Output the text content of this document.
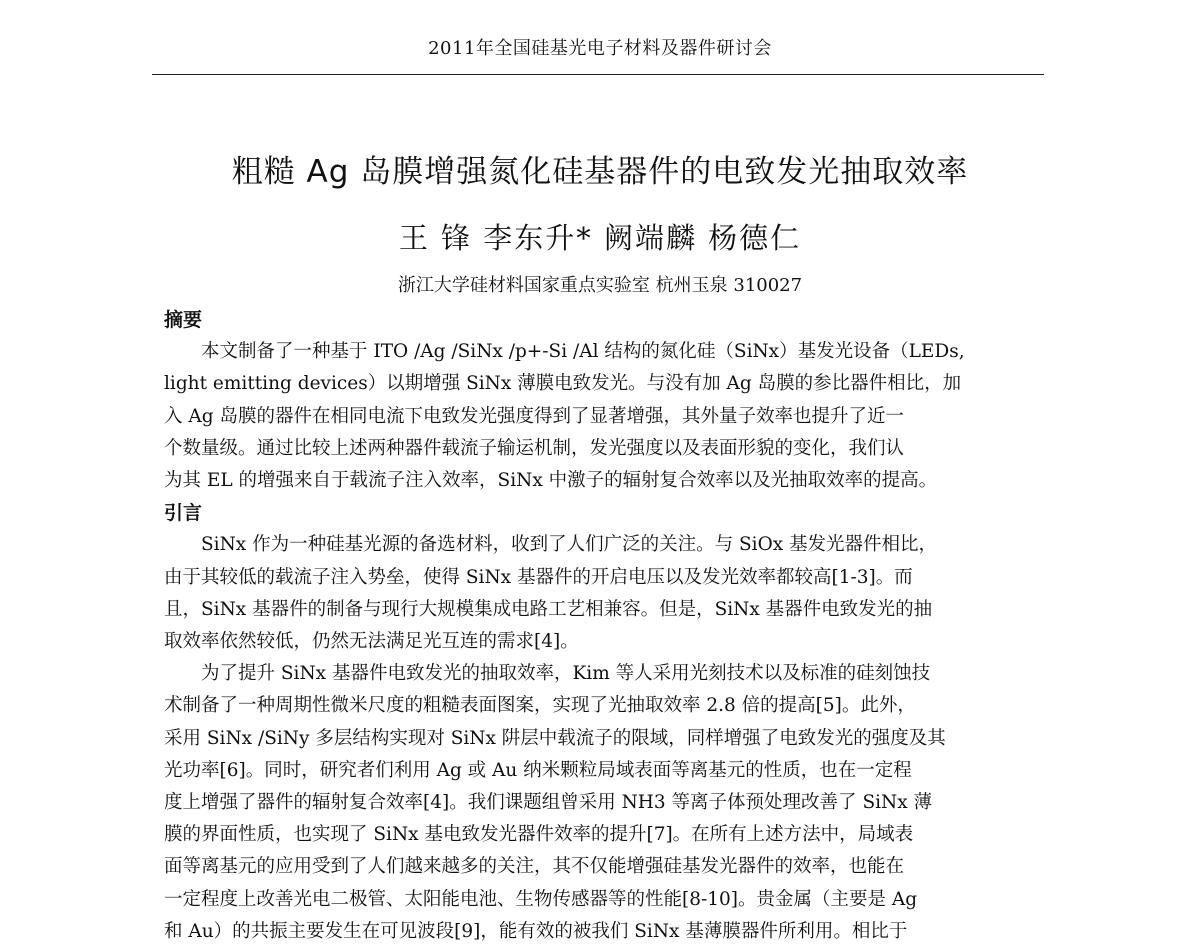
2011年全国硅基光电子材料及器件研讨会
粗糙 Ag 岛膜增强氮化硅基器件的电致发光抽取效率
王 锋 李东升* 阙端麟 杨德仁
浙江大学硅材料国家重点实验室 杭州玉泉 310027
摘要
本文制备了一种基于 ITO /Ag /SiNx /p+-Si /Al 结构的氮化硅（SiNx）基发光设备（LEDs,
light emitting devices）以期增强 SiNx 薄膜电致发光。与没有加 Ag 岛膜的参比器件相比，加
入 Ag 岛膜的器件在相同电流下电致发光强度得到了显著增强，其外量子效率也提升了近一
个数量级。通过比较上述两种器件载流子输运机制，发光强度以及表面形貌的变化，我们认
为其 EL 的增强来自于载流子注入效率，SiNx 中激子的辐射复合效率以及光抽取效率的提高。
引言
SiNx 作为一种硅基光源的备选材料，收到了人们广泛的关注。与 SiOx 基发光器件相比，
由于其较低的载流子注入势垒，使得 SiNx 基器件的开启电压以及发光效率都较高[1-3]。而
且，SiNx 基器件的制备与现行大规模集成电路工艺相兼容。但是，SiNx 基器件电致发光的抽
取效率依然较低，仍然无法满足光互连的需求[4]。
为了提升 SiNx 基器件电致发光的抽取效率，Kim 等人采用光刻技术以及标准的硅刻蚀技
术制备了一种周期性微米尺度的粗糙表面图案，实现了光抽取效率 2.8 倍的提高[5]。此外，
采用 SiNx /SiNy 多层结构实现对 SiNx 阱层中载流子的限域，同样增强了电致发光的强度及其
光功率[6]。同时，研究者们利用 Ag 或 Au 纳米颗粒局域表面等离基元的性质，也在一定程
度上增强了器件的辐射复合效率[4]。我们课题组曾采用 NH3 等离子体预处理改善了 SiNx 薄
膜的界面性质，也实现了 SiNx 基电致发光器件效率的提升[7]。在所有上述方法中，局域表
面等离基元的应用受到了人们越来越多的关注，其不仅能增强硅基发光器件的效率，也能在
一定程度上改善光电二极管、太阳能电池、生物传感器等的性能[8-10]。贵金属（主要是 Ag
和 Au）的共振主要发生在可见波段[9]，能有效的被我们 SiNx 基薄膜器件所利用。相比于
